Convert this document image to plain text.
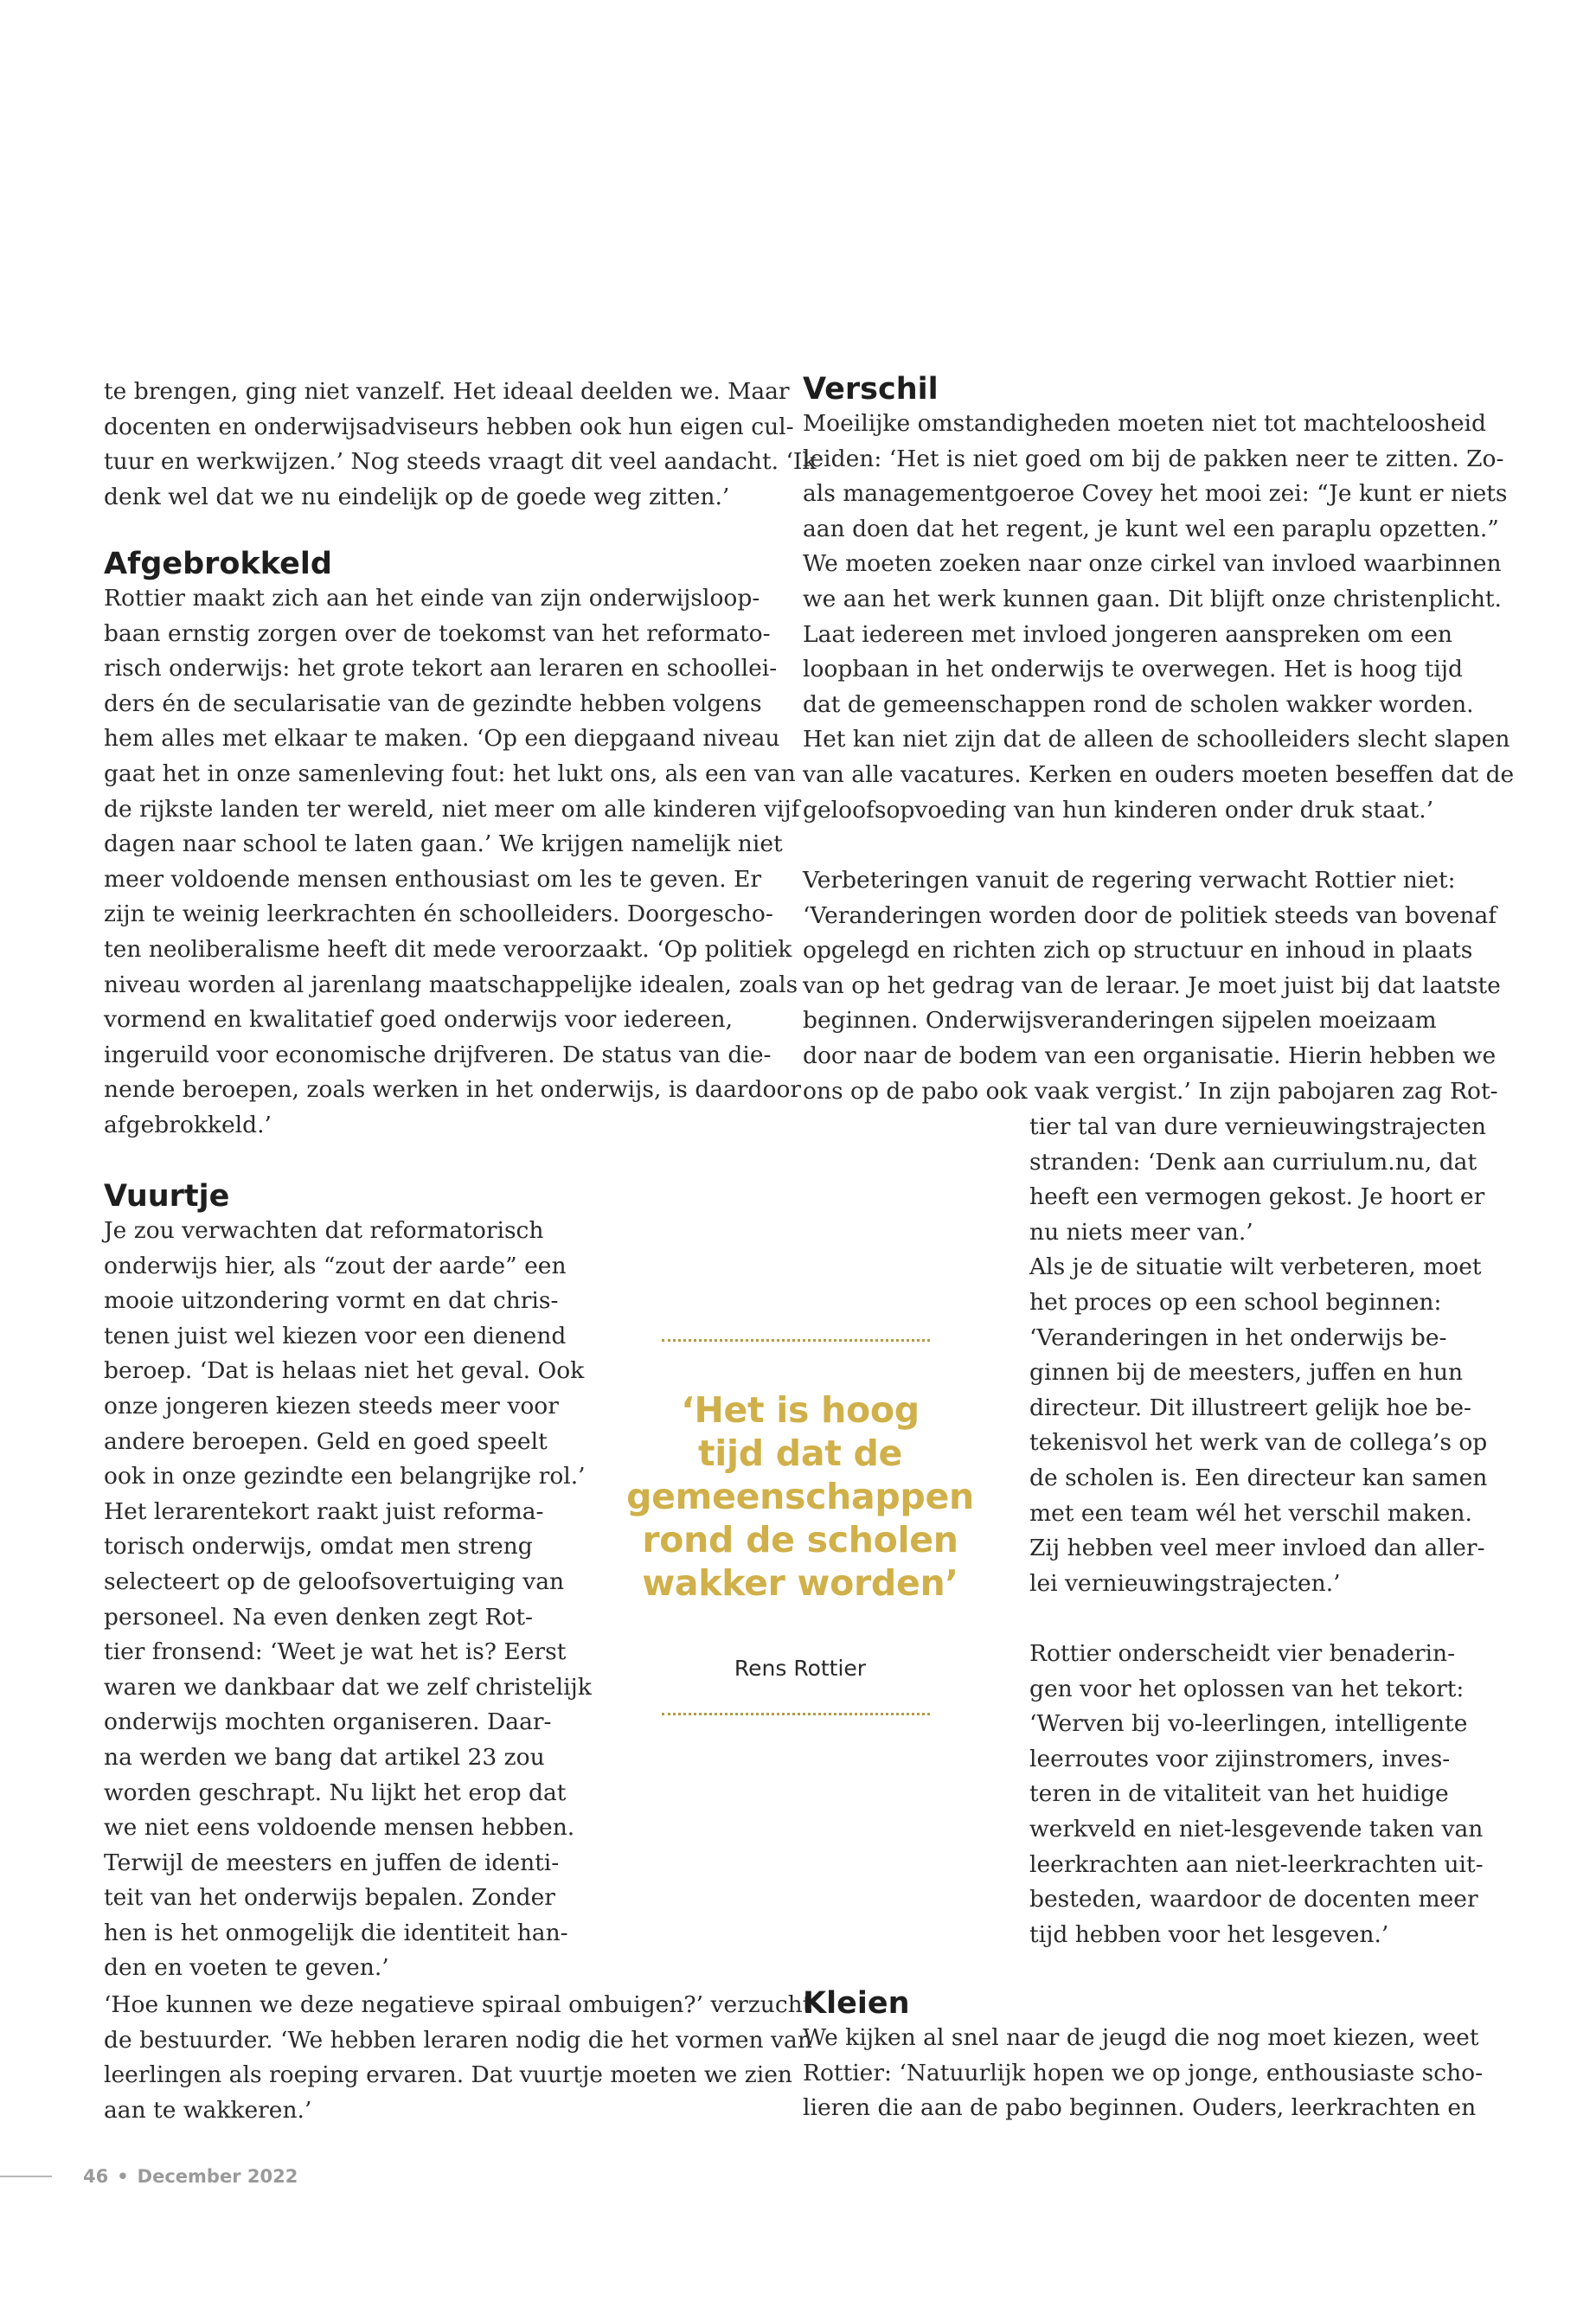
te brengen, ging niet vanzelf. Het ideaal deelden we. Maar
docenten en onderwijsadviseurs hebben ook hun eigen cul-
tuur en werkwijzen.’ Nog steeds vraagt dit veel aandacht. ‘Ik
denk wel dat we nu eindelijk op de goede weg zitten.’

Afgebrokkeld

Rottier maakt zich aan het einde van zijn onderwijsloop-
baan ernstig zorgen over de toekomst van het reformato-
risch onderwijs: het grote tekort aan leraren en schoollei-
ders én de secularisatie van de gezindte hebben volgens
hem alles met elkaar te maken. ‘Op een diepgaand niveau
gaat het in onze samenleving fout: het lukt ons, als een van
de rijkste landen ter wereld, niet meer om alle kinderen vijf
dagen naar school te laten gaan.’ We krijgen namelijk niet
meer voldoende mensen enthousiast om les te geven. Er
zijn te weinig leerkrachten én schoolleiders. Doorgescho-
ten neoliberalisme heeft dit mede veroorzaakt. ‘Op politiek
niveau worden al jarenlang maatschappelijke idealen, zoals
vormend en kwalitatief goed onderwijs voor iedereen,
ingeruild voor economische drijfveren. De status van die-
nende beroepen, zoals werken in het onderwijs, is daardoor
afgebrokkeld.’

Vuurtje

Je zou verwachten dat reformatorisch
onderwijs hier, als “zout der aarde” een
mooie uitzondering vormt en dat chris-
tenen juist wel kiezen voor een dienend
beroep. ‘Dat is helaas niet het geval. Ook
onze jongeren kiezen steeds meer voor
andere beroepen. Geld en goed speelt
ook in onze gezindte een belangrijke rol.’
Het lerarentekort raakt juist reforma-
torisch onderwijs, omdat men streng
selecteert op de geloofsovertuiging van
personeel. Na even denken zegt Rot-
tier fronsend: ‘Weet je wat het is? Eerst
waren we dankbaar dat we zelf christelijk
onderwijs mochten organiseren. Daar-
na werden we bang dat artikel 23 zou
worden geschrapt. Nu lijkt het erop dat
we niet eens voldoende mensen hebben.
Terwijl de meesters en juffen de identi-
teit van het onderwijs bepalen. Zonder
hen is het onmogelijk die identiteit han-
den en voeten te geven.’

‘Hoe kunnen we deze negatieve spiraal ombuigen?’ verzucht
de bestuurder. ‘We hebben leraren nodig die het vormen van
leerlingen als roeping ervaren. Dat vuurtje moeten we zien
aan te wakkeren.’

Verschil

Moeilijke omstandigheden moeten niet tot machteloosheid
leiden: ‘Het is niet goed om bij de pakken neer te zitten. Zo-
als managementgoeroe Covey het mooi zei: “Je kunt er niets
aan doen dat het regent, je kunt wel een paraplu opzetten.”
We moeten zoeken naar onze cirkel van invloed waarbinnen
we aan het werk kunnen gaan. Dit blijft onze christenplicht.
Laat iedereen met invloed jongeren aanspreken om een
loopbaan in het onderwijs te overwegen. Het is hoog tijd
dat de gemeenschappen rond de scholen wakker worden.
Het kan niet zijn dat de alleen de schoolleiders slecht slapen
van alle vacatures. Kerken en ouders moeten beseffen dat de
geloofsopvoeding van hun kinderen onder druk staat.’

Verbeteringen vanuit de regering verwacht Rottier niet:
‘Veranderingen worden door de politiek steeds van bovenaf
opgelegd en richten zich op structuur en inhoud in plaats
van op het gedrag van de leraar. Je moet juist bij dat laatste
beginnen. Onderwijsveranderingen sijpelen moeizaam
door naar de bodem van een organisatie. Hierin hebben we
ons op de pabo ook vaak vergist.’ In zijn pabojaren zag Rot-

tier tal van dure vernieuwingstrajecten
stranden: ‘Denk aan curriulum.nu, dat
heeft een vermogen gekost. Je hoort er
nu niets meer van.’
Als je de situatie wilt verbeteren, moet
het proces op een school beginnen:
‘Veranderingen in het onderwijs be-
ginnen bij de meesters, juffen en hun
directeur. Dit illustreert gelijk hoe be-
tekenisvol het werk van de collega’s op
de scholen is. Een directeur kan samen
met een team wél het verschil maken.
Zij hebben veel meer invloed dan aller-
lei vernieuwingstrajecten.’

Rottier onderscheidt vier benaderin-
gen voor het oplossen van het tekort:
‘Werven bij vo-leerlingen, intelligente
leerroutes voor zijinstromers, inves-
teren in de vitaliteit van het huidige
werkveld en niet-lesgevende taken van
leerkrachten aan niet-leerkrachten uit-
besteden, waardoor de docenten meer
tijd hebben voor het lesgeven.’

Kleien

We kijken al snel naar de jeugd die nog moet kiezen, weet
Rottier: ‘Natuurlijk hopen we op jonge, enthousiaste scho-
lieren die aan de pabo beginnen. Ouders, leerkrachten en

‘Het is hoog
tijd dat de
gemeenschappen
rond de scholen
wakker worden’
Rens Rottier
46 • December 2022
